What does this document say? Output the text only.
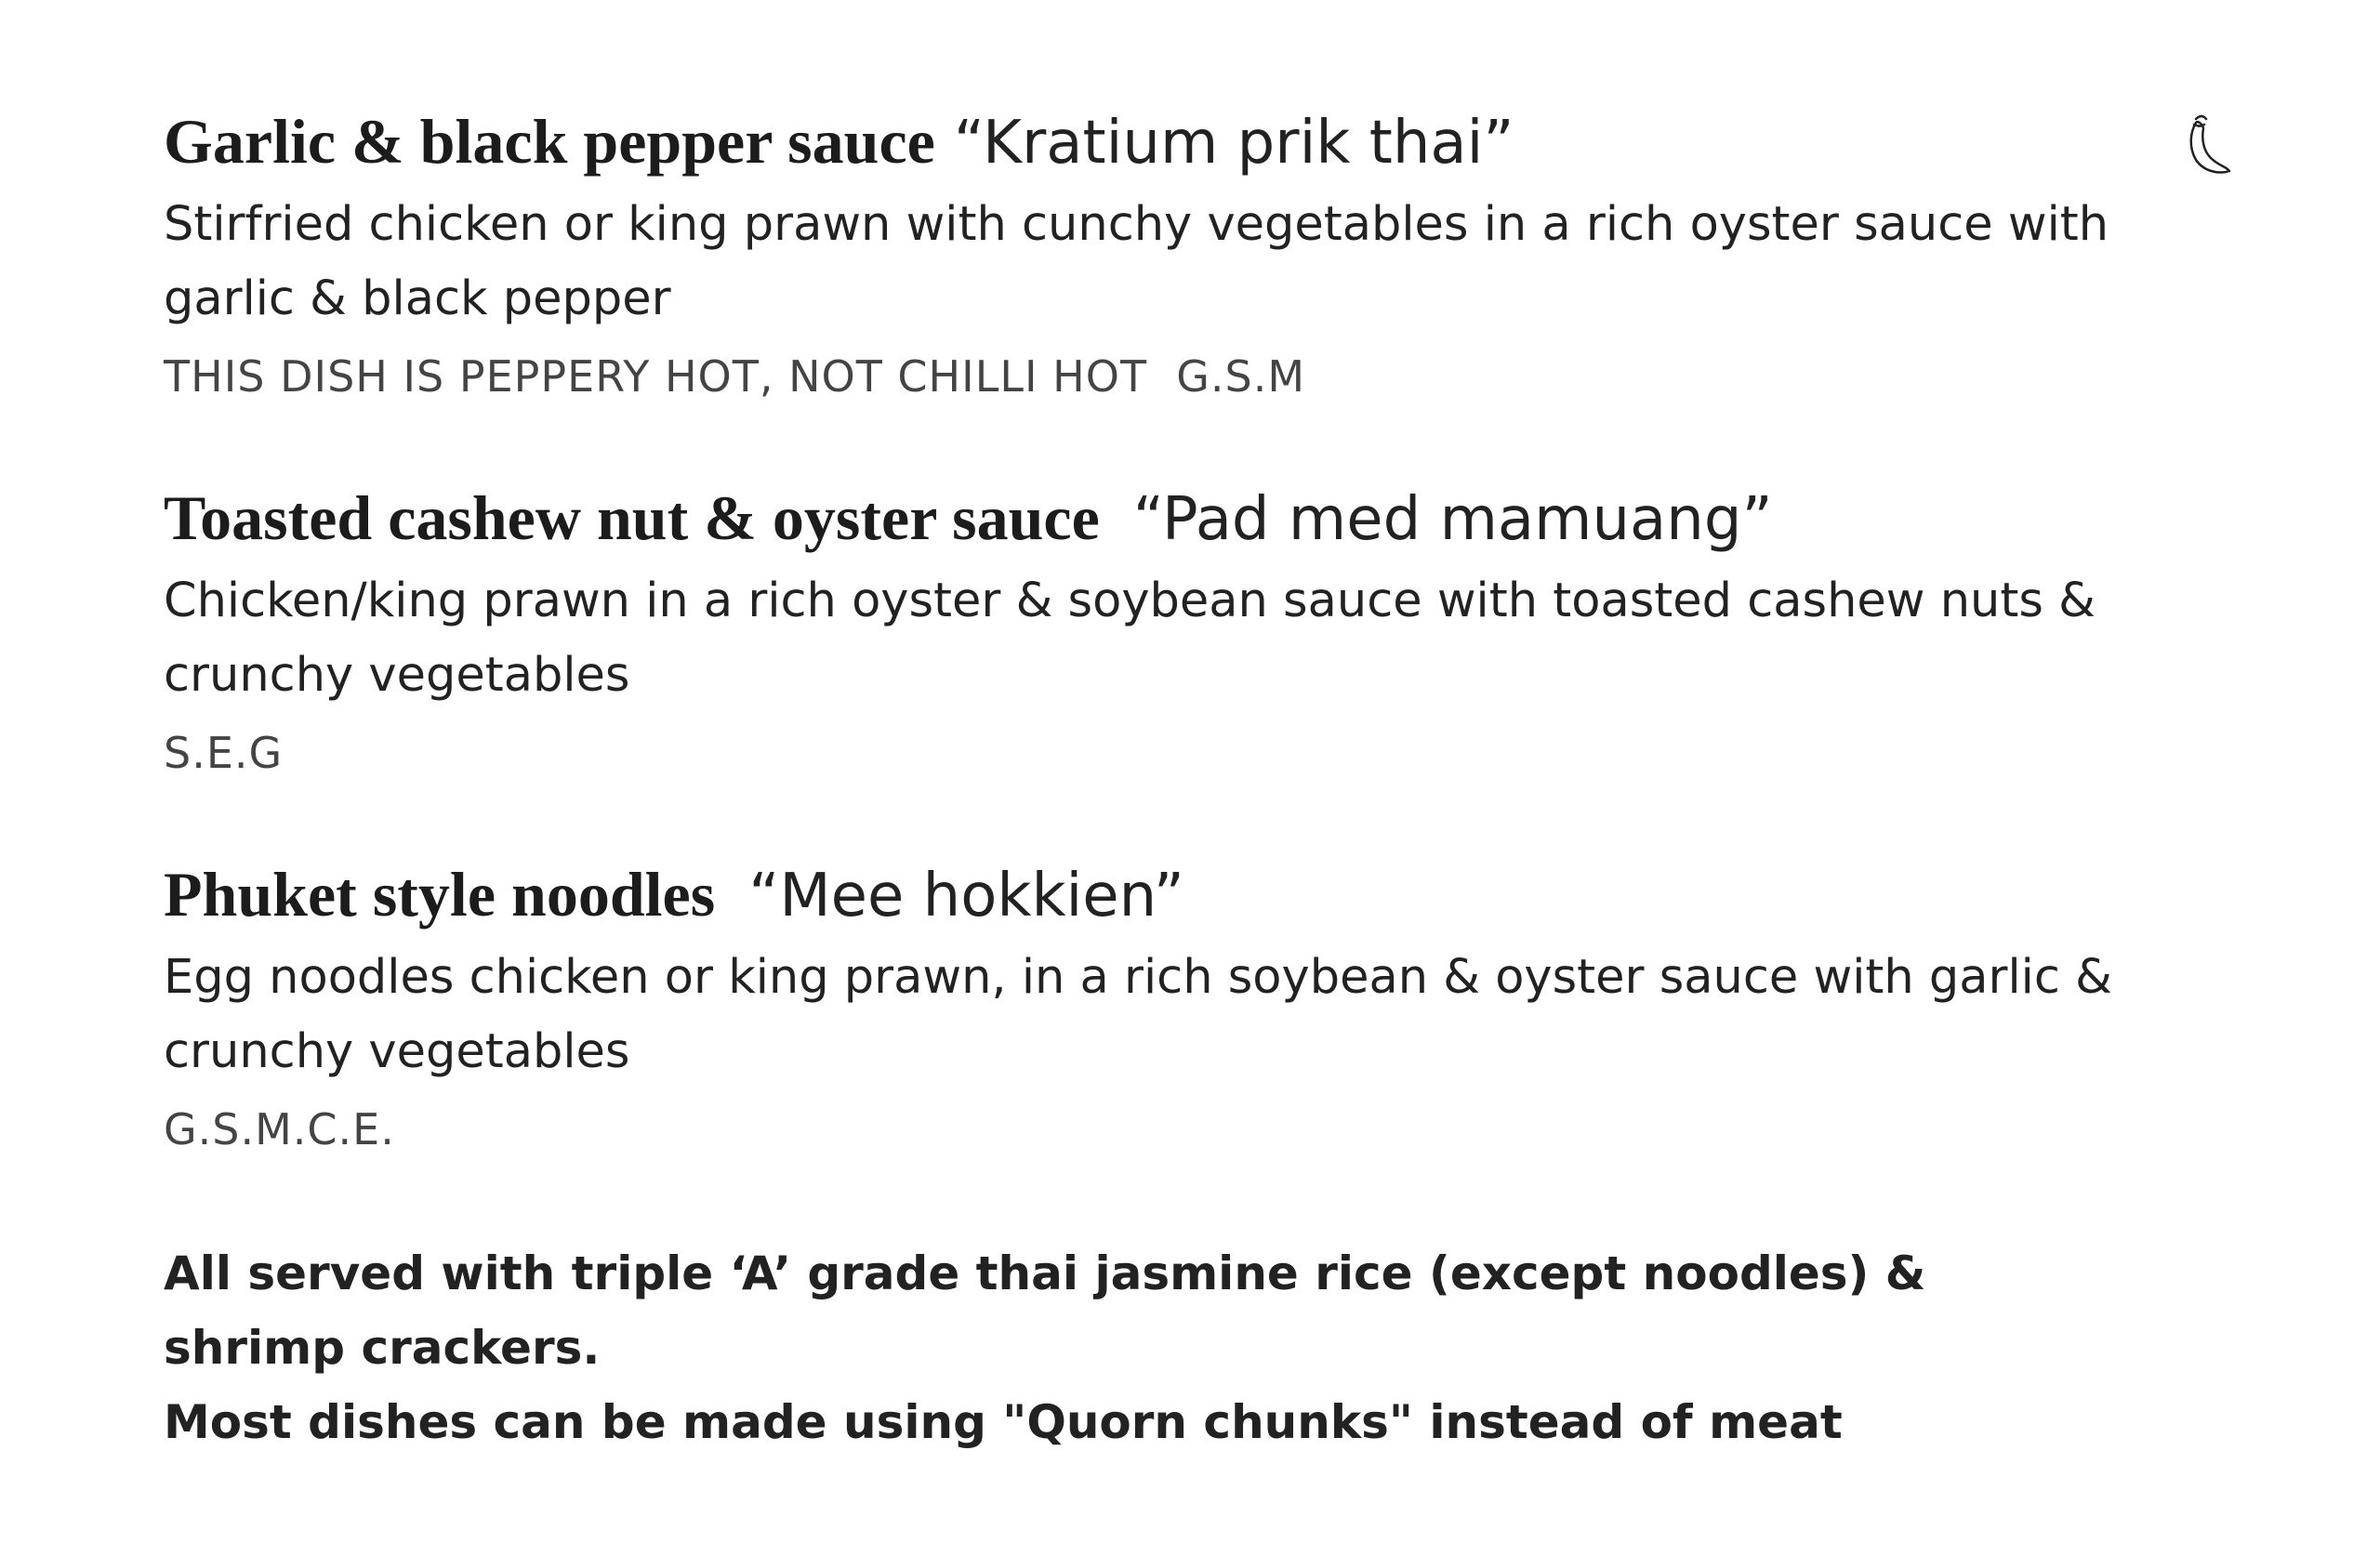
Garlic & black pepper sauce “Kratium prik thai”

Stirfried chicken or king prawn with cunchy vegetables in a rich oyster sauce with garlic & black pepper

THIS DISH IS PEPPERY HOT, NOT CHILLI HOT  G.S.M

Toasted cashew nut & oyster sauce “Pad med mamuang”

Chicken/king prawn in a rich oyster & soybean sauce with toasted cashew nuts & crunchy vegetables

S.E.G

Phuket style noodles “Mee hokkien”

Egg noodles chicken or king prawn, in a rich soybean & oyster sauce with garlic & crunchy vegetables

G.S.M.C.E.

All served with triple ‘A’ grade thai jasmine rice (except noodles) & shrimp crackers.

Most dishes can be made using "Quorn chunks" instead of meat
